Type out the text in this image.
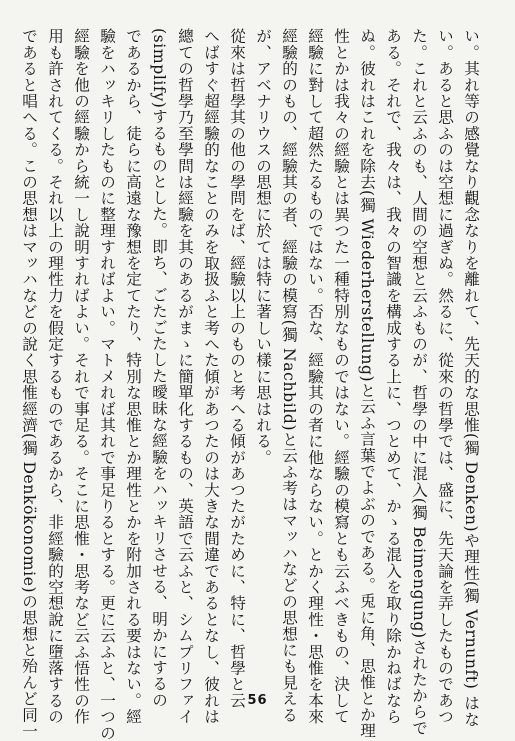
い。其れ等の感覺なり觀念なりを離れて、先天的な思惟(獨 Denken)や理性(獨 Vernunft) はな
い。あると思ふのは空想に過ぎぬ。然るに、從來の哲學では、盛に、先天論を弄したものであつ
た。これと云ふのも、人間の空想と云ふものが、哲學の中に混入(獨 Beimengung)されたからで
ある。それで、我々は、我々の智識を構成する上に、つとめて、かゝる混入を取り除かねばなら
ぬ。彼れはこれを除去(獨 Wiederherstellung)と云ふ言葉でよぶのである。兎に角、思惟とか理
性とかは我々の經驗とは異つた一種特別なものではない。經驗の模寫とも云ふべきもの、決して
經驗に對して超然たるものではない。否な、經驗其の者に他ならない。とかく理性・思惟を本來
經驗的のもの、經驗其の者、經驗の模寫(獨 Nachbild)と云ふ考はマッハなどの思想にも見える
が、アベナリウスの思想に於ては特に著しい樣に思はれる。
從來は哲學其の他の學問をば、經驗以上のものと考へる傾があつたがために、特に、哲學と云
へばすぐ超經驗的なことのみを取扱ふと考へた傾があつたのは大きな間違であるとなし、彼れは
總ての哲學乃至學問は經驗を其のあるがまゝに簡單化するもの、英語で云ふと、シムプリファイ
(simplify)するものとした。即ち、ごたごたした曖昧な經驗をハッキリさせる、明かにするの
であるから、徒らに高遠な豫想を定てたり、特別な思惟とか理性とかを附加される要はない。經
驗をハッキリしたものに整理すればよい。マトメれば其れで事足りるとする。更に云ふと、一つの
經驗を他の經驗から統一し說明すればよい。それで事足る。そこに思惟・思考など云ふ悟性の作
用も許されてくる。それ以上の理性力を假定するものであるから、非經驗的空想說に墮落するの
であると唱へる。この思想はマッハなどの說く思惟經濟(獨 Denkökonomie)の思想と殆んど同一	56
